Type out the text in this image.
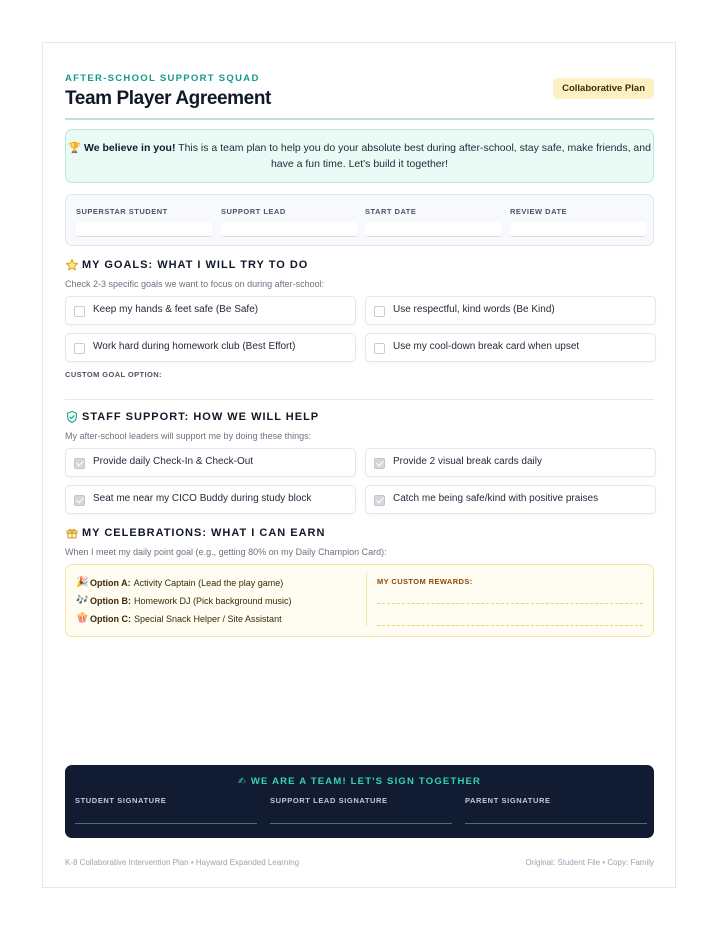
AFTER-SCHOOL SUPPORT SQUAD
Team Player Agreement	Collaborative Plan
🏆 We believe in you! This is a team plan to help you do your absolute best during after-school, stay safe, make friends, and have a fun time. Let's build it together!
SUPERSTAR STUDENT	SUPPORT LEAD	START DATE	REVIEW DATE
MY GOALS: WHAT I WILL TRY TO DO
Check 2-3 specific goals we want to focus on during after-school:
Keep my hands & feet safe (Be Safe)	Use respectful, kind words (Be Kind)
Work hard during homework club (Best Effort)	Use my cool-down break card when upset
CUSTOM GOAL OPTION:
STAFF SUPPORT: HOW WE WILL HELP
My after-school leaders will support me by doing these things:
Provide daily Check-In & Check-Out	Provide 2 visual break cards daily
Seat me near my CICO Buddy during study block	Catch me being safe/kind with positive praises
MY CELEBRATIONS: WHAT I CAN EARN
When I meet my daily point goal (e.g., getting 80% on my Daily Champion Card):
🎉 Option A: Activity Captain (Lead the play game)
🎶 Option B: Homework DJ (Pick background music)
🍿 Option C: Special Snack Helper / Site Assistant
MY CUSTOM REWARDS:
✍ WE ARE A TEAM! LET'S SIGN TOGETHER
STUDENT SIGNATURE	SUPPORT LEAD SIGNATURE	PARENT SIGNATURE
K-8 Collaborative Intervention Plan • Hayward Expanded Learning	Original: Student File • Copy: Family
